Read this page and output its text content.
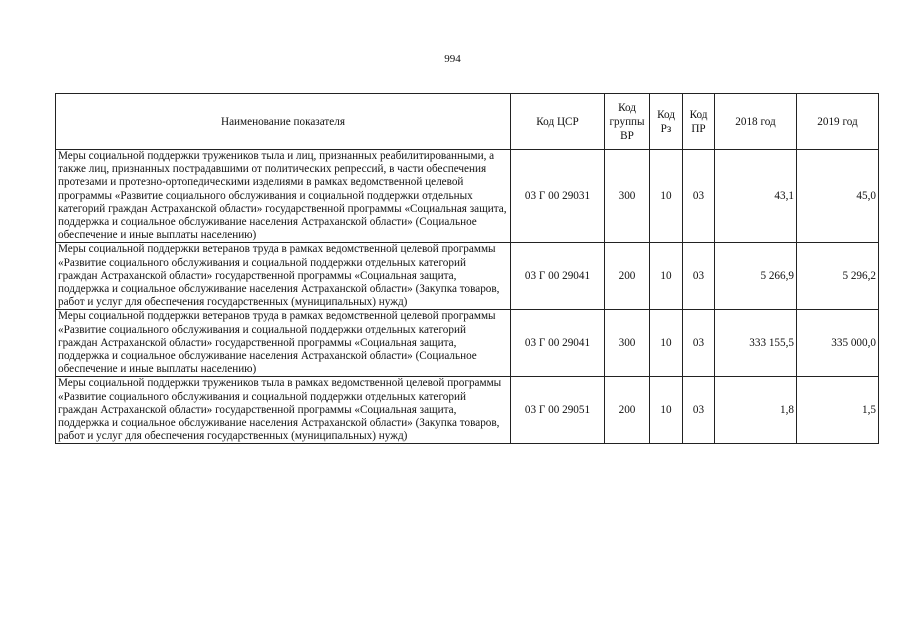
994
Наименование показателя	Код ЦСР	Код группы ВР	Код Рз	Код ПР	2018 год	2019 год
Меры социальной поддержки тружеников тыла и лиц, признанных реабилитированными, а также лиц, признанных пострадавшими от политических репрессий, в части обеспечения протезами и протезно-ортопедическими изделиями в рамках ведомственной целевой программы «Развитие социального обслуживания и социальной поддержки отдельных категорий граждан Астраханской области» государственной программы «Социальная защита, поддержка и социальное обслуживание населения Астраханской области» (Социальное обеспечение и иные выплаты населению)	03 Г 00 29031	300	10	03	43,1	45,0
Меры социальной поддержки ветеранов труда в рамках ведомственной целевой программы «Развитие социального обслуживания и социальной поддержки отдельных категорий граждан Астраханской области» государственной программы «Социальная защита, поддержка и социальное обслуживание населения Астраханской области» (Закупка товаров, работ и услуг для обеспечения государственных (муниципальных) нужд)	03 Г 00 29041	200	10	03	5 266,9	5 296,2
Меры социальной поддержки ветеранов труда в рамках ведомственной целевой программы «Развитие социального обслуживания и социальной поддержки отдельных категорий граждан Астраханской области» государственной программы «Социальная защита, поддержка и социальное обслуживание населения Астраханской области» (Социальное обеспечение и иные выплаты населению)	03 Г 00 29041	300	10	03	333 155,5	335 000,0
Меры социальной поддержки тружеников тыла в рамках ведомственной целевой программы «Развитие социального обслуживания и социальной поддержки отдельных категорий граждан Астраханской области» государственной программы «Социальная защита, поддержка и социальное обслуживание населения Астраханской области» (Закупка товаров, работ и услуг для обеспечения государственных (муниципальных) нужд)	03 Г 00 29051	200	10	03	1,8	1,5
